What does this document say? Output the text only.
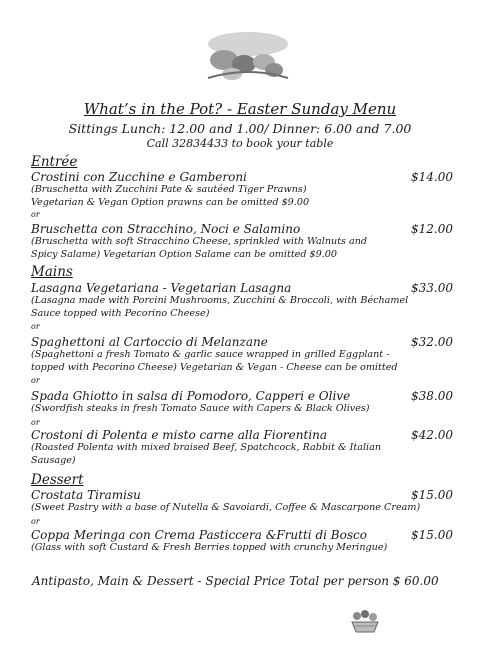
What’s in the Pot? - Easter Sunday Menu
Sittings Lunch: 12.00 and 1.00/ Dinner: 6.00 and 7.00
Call 32834433 to book your table
Entrée
Crostini con Zucchine e Gamberoni	$14.00
(Bruschetta with Zucchini Pate & sautéed Tiger Prawns)
Vegetarian & Vegan Option prawns can be omitted $9.00
or
Bruschetta con Stracchino, Noci e Salamino	$12.00
(Bruschetta with soft Stracchino Cheese, sprinkled with Walnuts and
Spicy Salame) Vegetarian Option Salame can be omitted $9.00
Mains
Lasagna Vegetariana - Vegetarian Lasagna	$33.00
(Lasagna made with Porcini Mushrooms, Zucchini & Broccoli, with Béchamel
Sauce topped with Pecorino Cheese)
or
Spaghettoni al Cartoccio di Melanzane	$32.00
(Spaghettoni a fresh Tomato & garlic sauce wrapped in grilled Eggplant -
topped with Pecorino Cheese) Vegetarian & Vegan - Cheese can be omitted
or
Spada Ghiotto in salsa di Pomodoro, Capperi e Olive	$38.00
(Swordfish steaks in fresh Tomato Sauce with Capers & Black Olives)
or
Crostoni di Polenta e misto carne alla Fiorentina	$42.00
(Roasted Polenta with mixed braised Beef, Spatchcock, Rabbit & Italian
Sausage)
Dessert
Crostata Tiramisu	$15.00
(Sweet Pastry with a base of Nutella & Savoiardi, Coffee & Mascarpone Cream)
or
Coppa Meringa con Crema Pasticcera &Frutti di Bosco	$15.00
(Glass with soft Custard & Fresh Berries topped with crunchy Meringue)
Antipasto, Main & Dessert - Special Price Total per person $ 60.00
